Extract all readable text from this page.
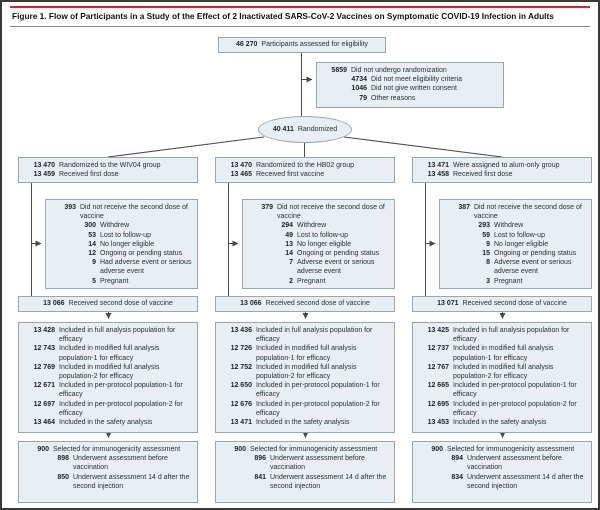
Figure 1. Flow of Participants in a Study of the Effect of 2 Inactivated SARS-CoV-2 Vaccines on Symptomatic COVID-19 Infection in Adults
46 270 Participants assessed for eligibility
5859 Did not undergo randomization
4734 Did not meet eligibility criteria
1046 Did not give written consent
79 Other reasons
40 411 Randomized
13 470 Randomized to the WIV04 group
13 459 Received first dose
393 Did not receive the second dose of vaccine
300 Withdrew
53 Lost to follow-up
14 No longer eligible
12 Ongoing or pending status
9 Had adverse event or serious adverse event
5 Pregnant
13 066 Received second dose of vaccine
13 428 Included in full analysis population for efficacy
12 743 Included in modified full analysis population-1 for efficacy
12 769 Included in modified full analysis population-2 for efficacy
12 671 Included in per-protocol population-1 for efficacy
12 697 Included in per-protocol population-2 for efficacy
13 464 Included in the safety analysis
900 Selected for immunogenicity assessment
898 Underwent assessment before vaccination
850 Underwent assessment 14 d after the second injection
13 470 Randomized to the HB02 group
13 465 Received first vaccine
379 Did not receive the second dose of vaccine
294 Withdrew
49 Lost to follow-up
13 No longer eligible
14 Ongoing or pending status
7 Adverse event or serious adverse event
2 Pregnant
13 066 Received second dose of vaccine
13 436 Included in full analysis population for efficacy
12 726 Included in modified full analysis population-1 for efficacy
12 752 Included in modified full analysis population-2 for efficacy
12 650 Included in per-protocol population-1 for efficacy
12 676 Included in per-protocol population-2 for efficacy
13 471 Included in the safety analysis
900 Selected for immunogenicity assessment
896 Underwent assessment before vaccination
841 Underwent assessment 14 d after the second injection
13 471 Were assigned to alum-only group
13 458 Received first dose
387 Did not receive the second dose of vaccine
293 Withdrew
59 Lost to follow-up
9 No longer eligible
15 Ongoing or pending status
8 Adverse event or serious adverse event
3 Pregnant
13 071 Received second dose of vaccine
13 425 Included in full analysis population for efficacy
12 737 Included in modified full analysis population-1 for efficacy
12 767 Included in modified full analysis population-2 for efficacy
12 665 Included in per-protocol population-1 for efficacy
12 695 Included in per-protocol population-2 for efficacy
13 453 Included in the safety analysis
900 Selected for immunogenicity assessment
894 Underwent assessment before vaccination
834 Underwent assessment 14 d after the second injection
